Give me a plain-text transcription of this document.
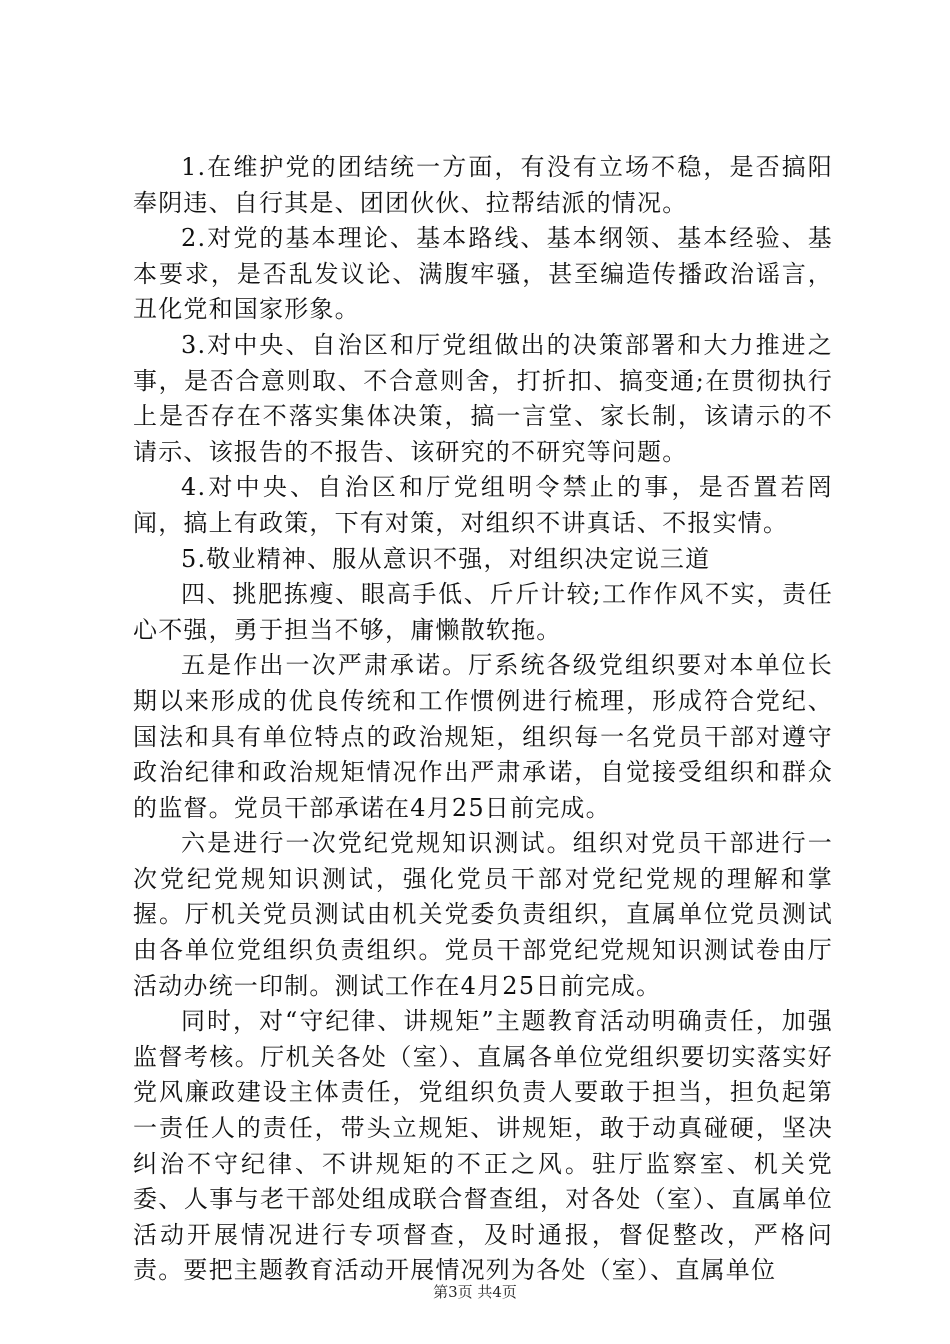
1.在维护党的团结统一方面，有没有立场不稳，是否搞阳奉阴违、自行其是、团团伙伙、拉帮结派的情况。

2.对党的基本理论、基本路线、基本纲领、基本经验、基本要求，是否乱发议论、满腹牢骚，甚至编造传播政治谣言，丑化党和国家形象。

3.对中央、自治区和厅党组做出的决策部署和大力推进之事，是否合意则取、不合意则舍，打折扣、搞变通;在贯彻执行上是否存在不落实集体决策，搞一言堂、家长制，该请示的不请示、该报告的不报告、该研究的不研究等问题。

4.对中央、自治区和厅党组明令禁止的事，是否置若罔闻，搞上有政策，下有对策，对组织不讲真话、不报实情。

5.敬业精神、服从意识不强，对组织决定说三道

四、挑肥拣瘦、眼高手低、斤斤计较;工作作风不实，责任心不强，勇于担当不够，庸懒散软拖。

五是作出一次严肃承诺。厅系统各级党组织要对本单位长期以来形成的优良传统和工作惯例进行梳理，形成符合党纪、国法和具有单位特点的政治规矩，组织每一名党员干部对遵守政治纪律和政治规矩情况作出严肃承诺，自觉接受组织和群众的监督。党员干部承诺在4月25日前完成。

六是进行一次党纪党规知识测试。组织对党员干部进行一次党纪党规知识测试，强化党员干部对党纪党规的理解和掌握。厅机关党员测试由机关党委负责组织，直属单位党员测试由各单位党组织负责组织。党员干部党纪党规知识测试卷由厅活动办统一印制。测试工作在4月25日前完成。

同时，对“守纪律、讲规矩”主题教育活动明确责任，加强监督考核。厅机关各处（室）、直属各单位党组织要切实落实好党风廉政建设主体责任，党组织负责人要敢于担当，担负起第一责任人的责任，带头立规矩、讲规矩，敢于动真碰硬，坚决纠治不守纪律、不讲规矩的不正之风。驻厅监察室、机关党委、人事与老干部处组成联合督查组，对各处（室）、直属单位活动开展情况进行专项督查，及时通报，督促整改，严格问责。要把主题教育活动开展情况列为各处（室）、直属单位

第3页 共4页
